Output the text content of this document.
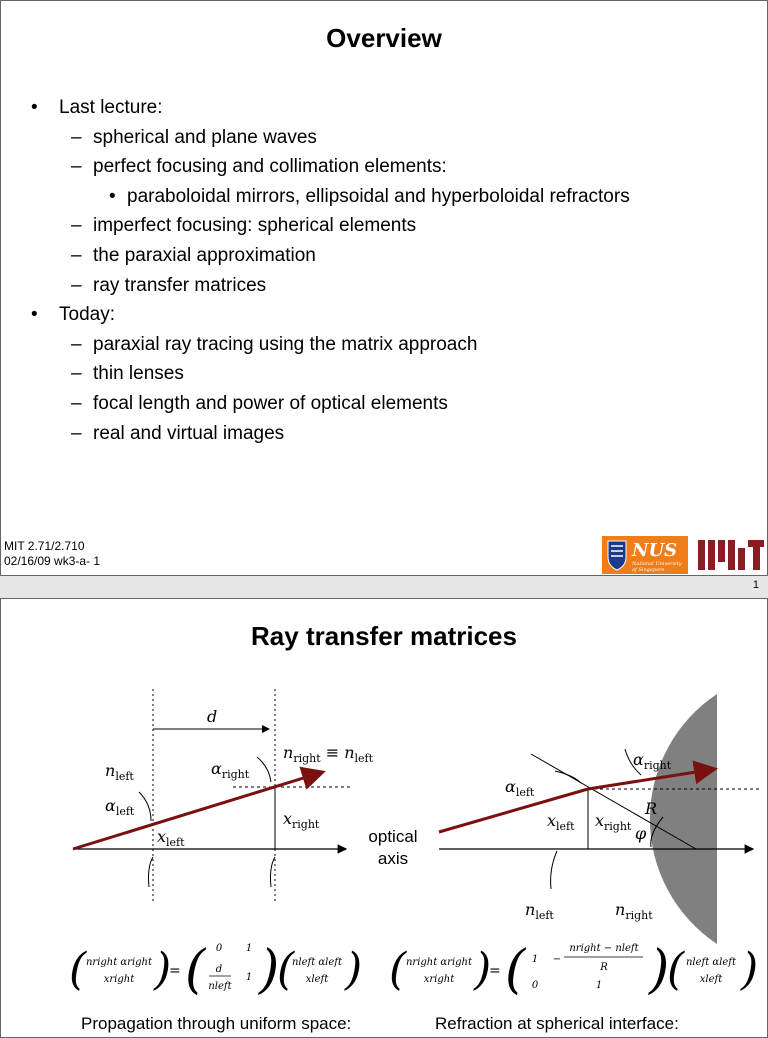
Overview
• Last lecture:
– spherical and plane waves
– perfect focusing and collimation elements:
• paraboloidal mirrors, ellipsoidal and hyperboloidal refractors
– imperfect focusing: spherical elements
– the paraxial approximation
– ray transfer matrices
• Today:
– paraxial ray tracing using the matrix approach
– thin lenses
– focal length and power of optical elements
– real and virtual images
MIT 2.71/2.710
02/16/09 wk3-a- 1	NUS
National University
of Singapore
1
Ray transfer matrices
d
$n_{right} \equiv n_{left}$
$n_{left}$	$\alpha_{right}$
$\alpha_{left}$
$x_{left}$
$x_{right}$
optical
axis
$\alpha_{right}$
$\alpha_{left}$
R
φ
$x_{left}$ $x_{right}$
$n_{left}$	$n_{right}$
( nright αright
xright )
= ( 0 1
d
nleft
1 )
(
nleft αleft
xleft ) ( nright αright
xright )
= ( 1 −
nright − nleft
R
0	1 )
( nleft αleft
xleft )
Propagation through uniform space:	Refraction at spherical interface:
